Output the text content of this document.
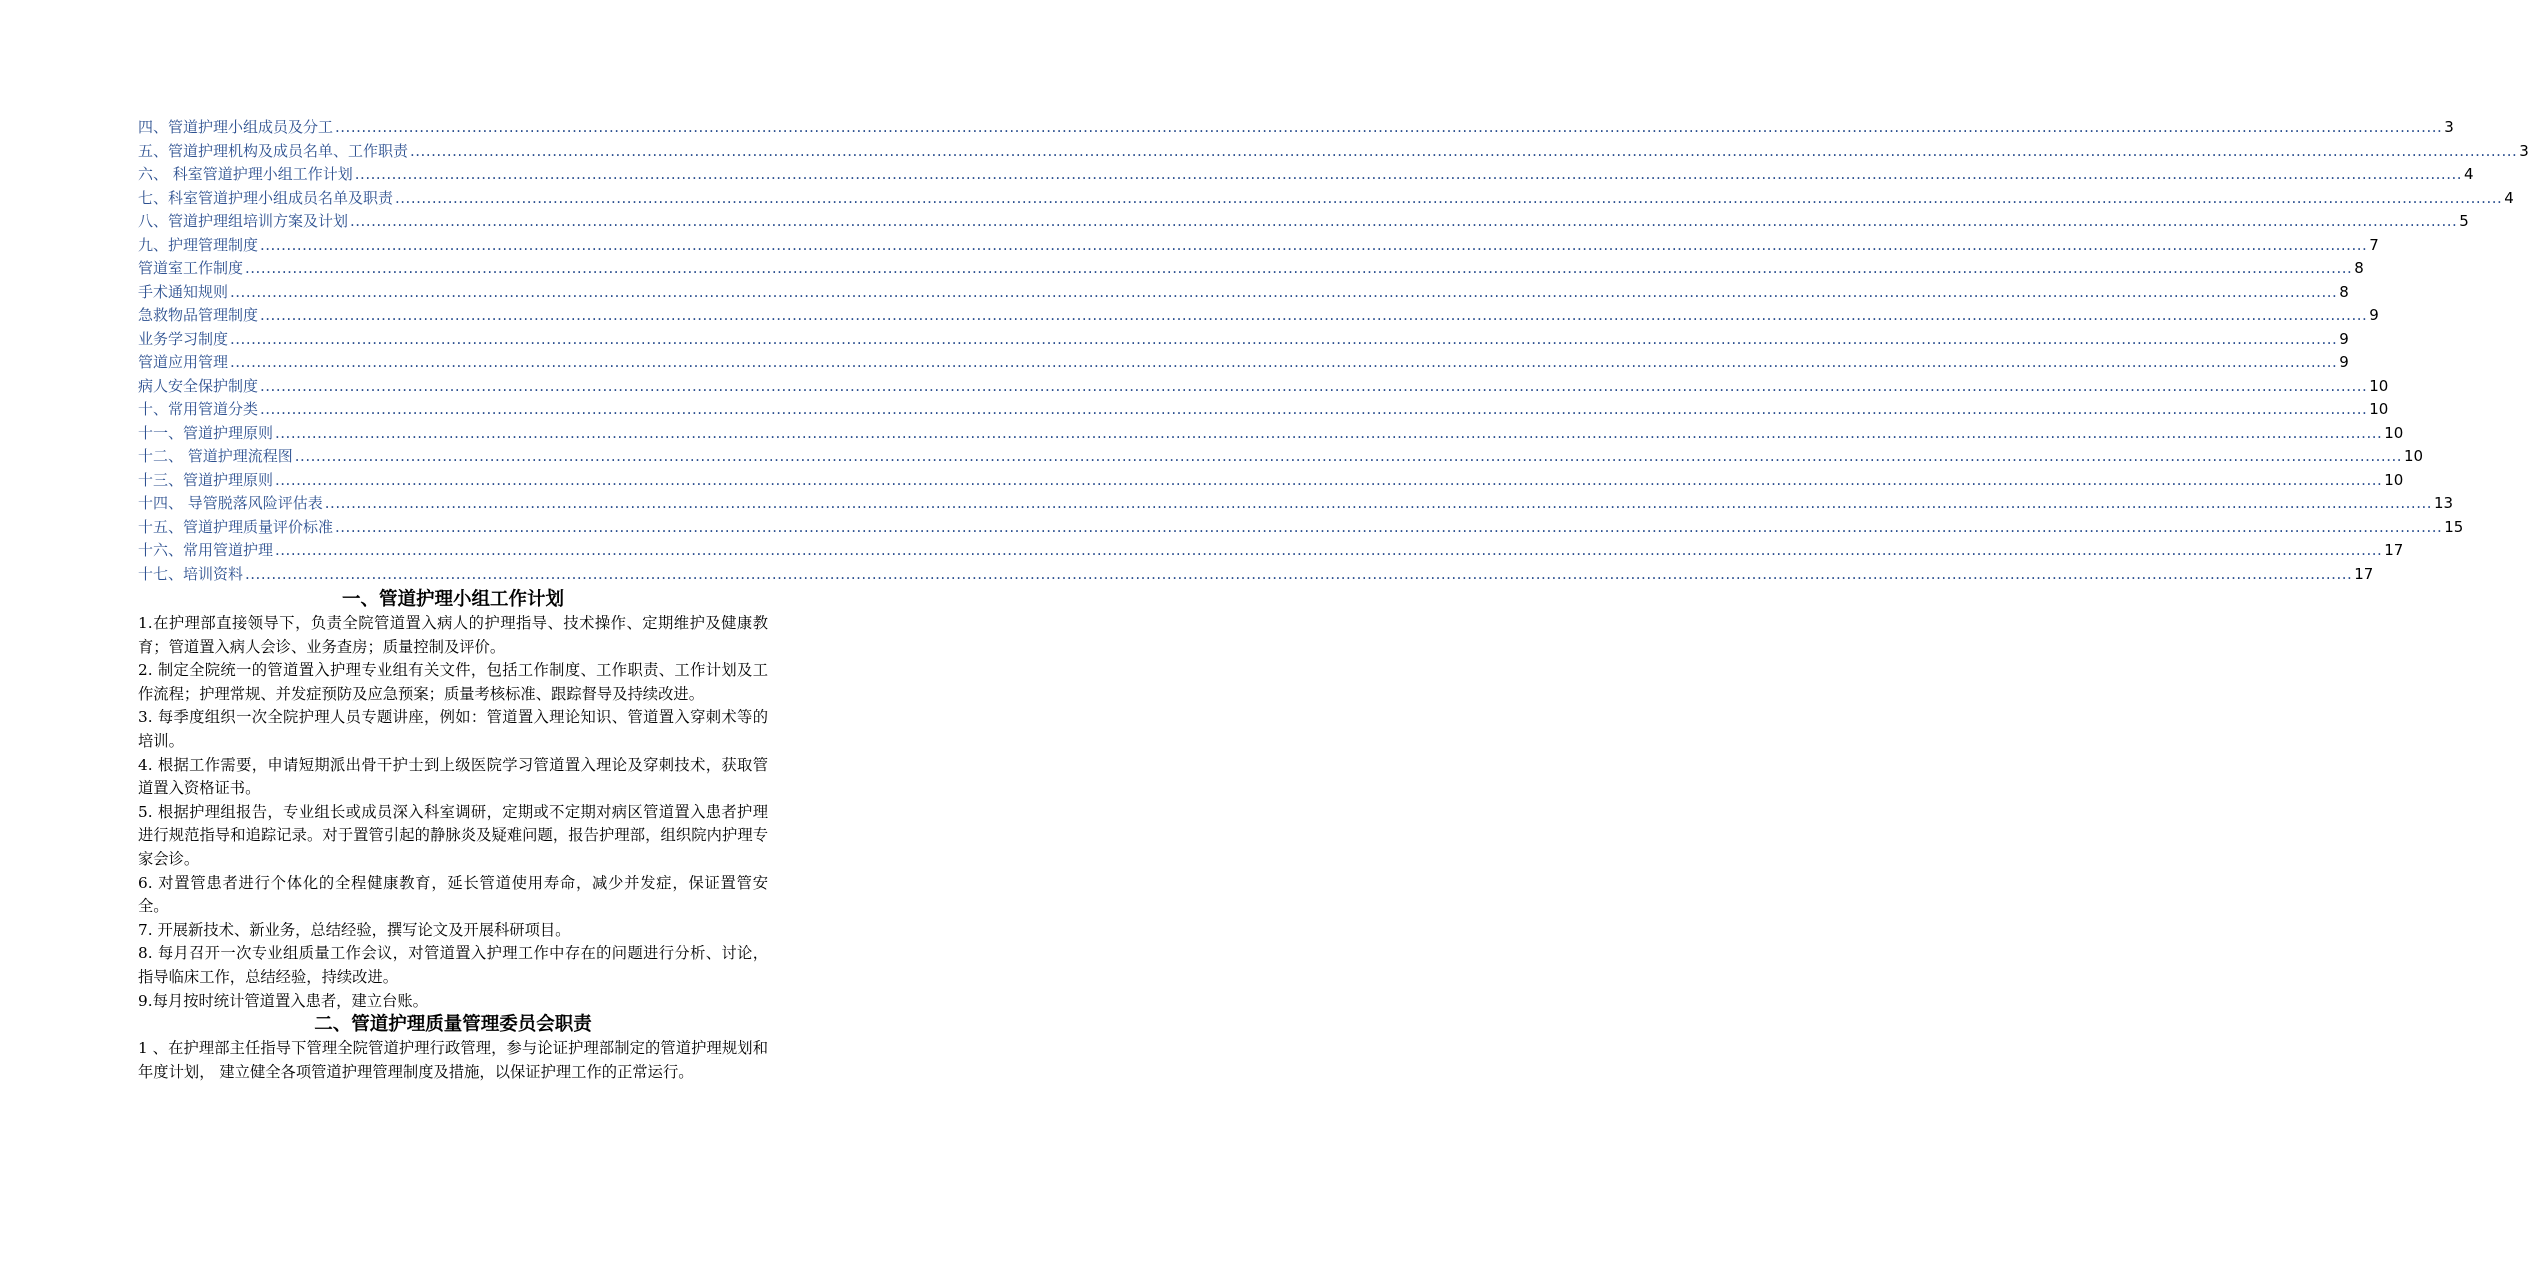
四、管道护理小组成员及分工 ................................................................................................................................................................................................................................................................................................................................................................................................................ 3
五、管道护理机构及成员名单、工作职责 ................................................................................................................................................................................................................................................................................................................................................................................................................ 3
六、 科室管道护理小组工作计划 ................................................................................................................................................................................................................................................................................................................................................................................................................ 4
七、科室管道护理小组成员名单及职责 ................................................................................................................................................................................................................................................................................................................................................................................................................ 4
八、管道护理组培训方案及计划 ................................................................................................................................................................................................................................................................................................................................................................................................................ 5
九、护理管理制度 ................................................................................................................................................................................................................................................................................................................................................................................................................ 7
管道室工作制度 ................................................................................................................................................................................................................................................................................................................................................................................................................ 8
手术通知规则 ................................................................................................................................................................................................................................................................................................................................................................................................................ 8
急救物品管理制度 ................................................................................................................................................................................................................................................................................................................................................................................................................ 9
业务学习制度 ................................................................................................................................................................................................................................................................................................................................................................................................................ 9
管道应用管理 ................................................................................................................................................................................................................................................................................................................................................................................................................ 9
病人安全保护制度 ................................................................................................................................................................................................................................................................................................................................................................................................................ 10
十、常用管道分类 ................................................................................................................................................................................................................................................................................................................................................................................................................ 10
十一、管道护理原则 ................................................................................................................................................................................................................................................................................................................................................................................................................ 10
十二、 管道护理流程图 ................................................................................................................................................................................................................................................................................................................................................................................................................ 10
十三、管道护理原则 ................................................................................................................................................................................................................................................................................................................................................................................................................ 10
十四、 导管脱落风险评估表 ................................................................................................................................................................................................................................................................................................................................................................................................................ 13
十五、管道护理质量评价标准 ................................................................................................................................................................................................................................................................................................................................................................................................................ 15
十六、常用管道护理 ................................................................................................................................................................................................................................................................................................................................................................................................................ 17
十七、培训资料 ................................................................................................................................................................................................................................................................................................................................................................................................................ 17
一、管道护理小组工作计划

1.在护理部直接领导下，负责全院管道置入病人的护理指导、技术操作、定期维护及健康教育；管道置入病人会诊、业务查房；质量控制及评价。

2. 制定全院统一的管道置入护理专业组有关文件，包括工作制度、工作职责、工作计划及工作流程；护理常规、并发症预防及应急预案；质量考核标准、跟踪督导及持续改进。

3. 每季度组织一次全院护理人员专题讲座，例如：管道置入理论知识、管道置入穿刺术等的培训。

4. 根据工作需要，申请短期派出骨干护士到上级医院学习管道置入理论及穿刺技术，获取管道置入资格证书。

5. 根据护理组报告，专业组长或成员深入科室调研，定期或不定期对病区管道置入患者护理进行规范指导和追踪记录。对于置管引起的静脉炎及疑难问题，报告护理部，组织院内护理专家会诊。

6. 对置管患者进行个体化的全程健康教育，延长管道使用寿命，减少并发症，保证置管安全。

7. 开展新技术、新业务，总结经验，撰写论文及开展科研项目。

8. 每月召开一次专业组质量工作会议，对管道置入护理工作中存在的问题进行分析、讨论，指导临床工作，总结经验，持续改进。

9.每月按时统计管道置入患者，建立台账。

二、管道护理质量管理委员会职责

1 、在护理部主任指导下管理全院管道护理行政管理，参与论证护理部制定的管道护理规划和年度计划， 建立健全各项管道护理管理制度及措施，以保证护理工作的正常运行。
